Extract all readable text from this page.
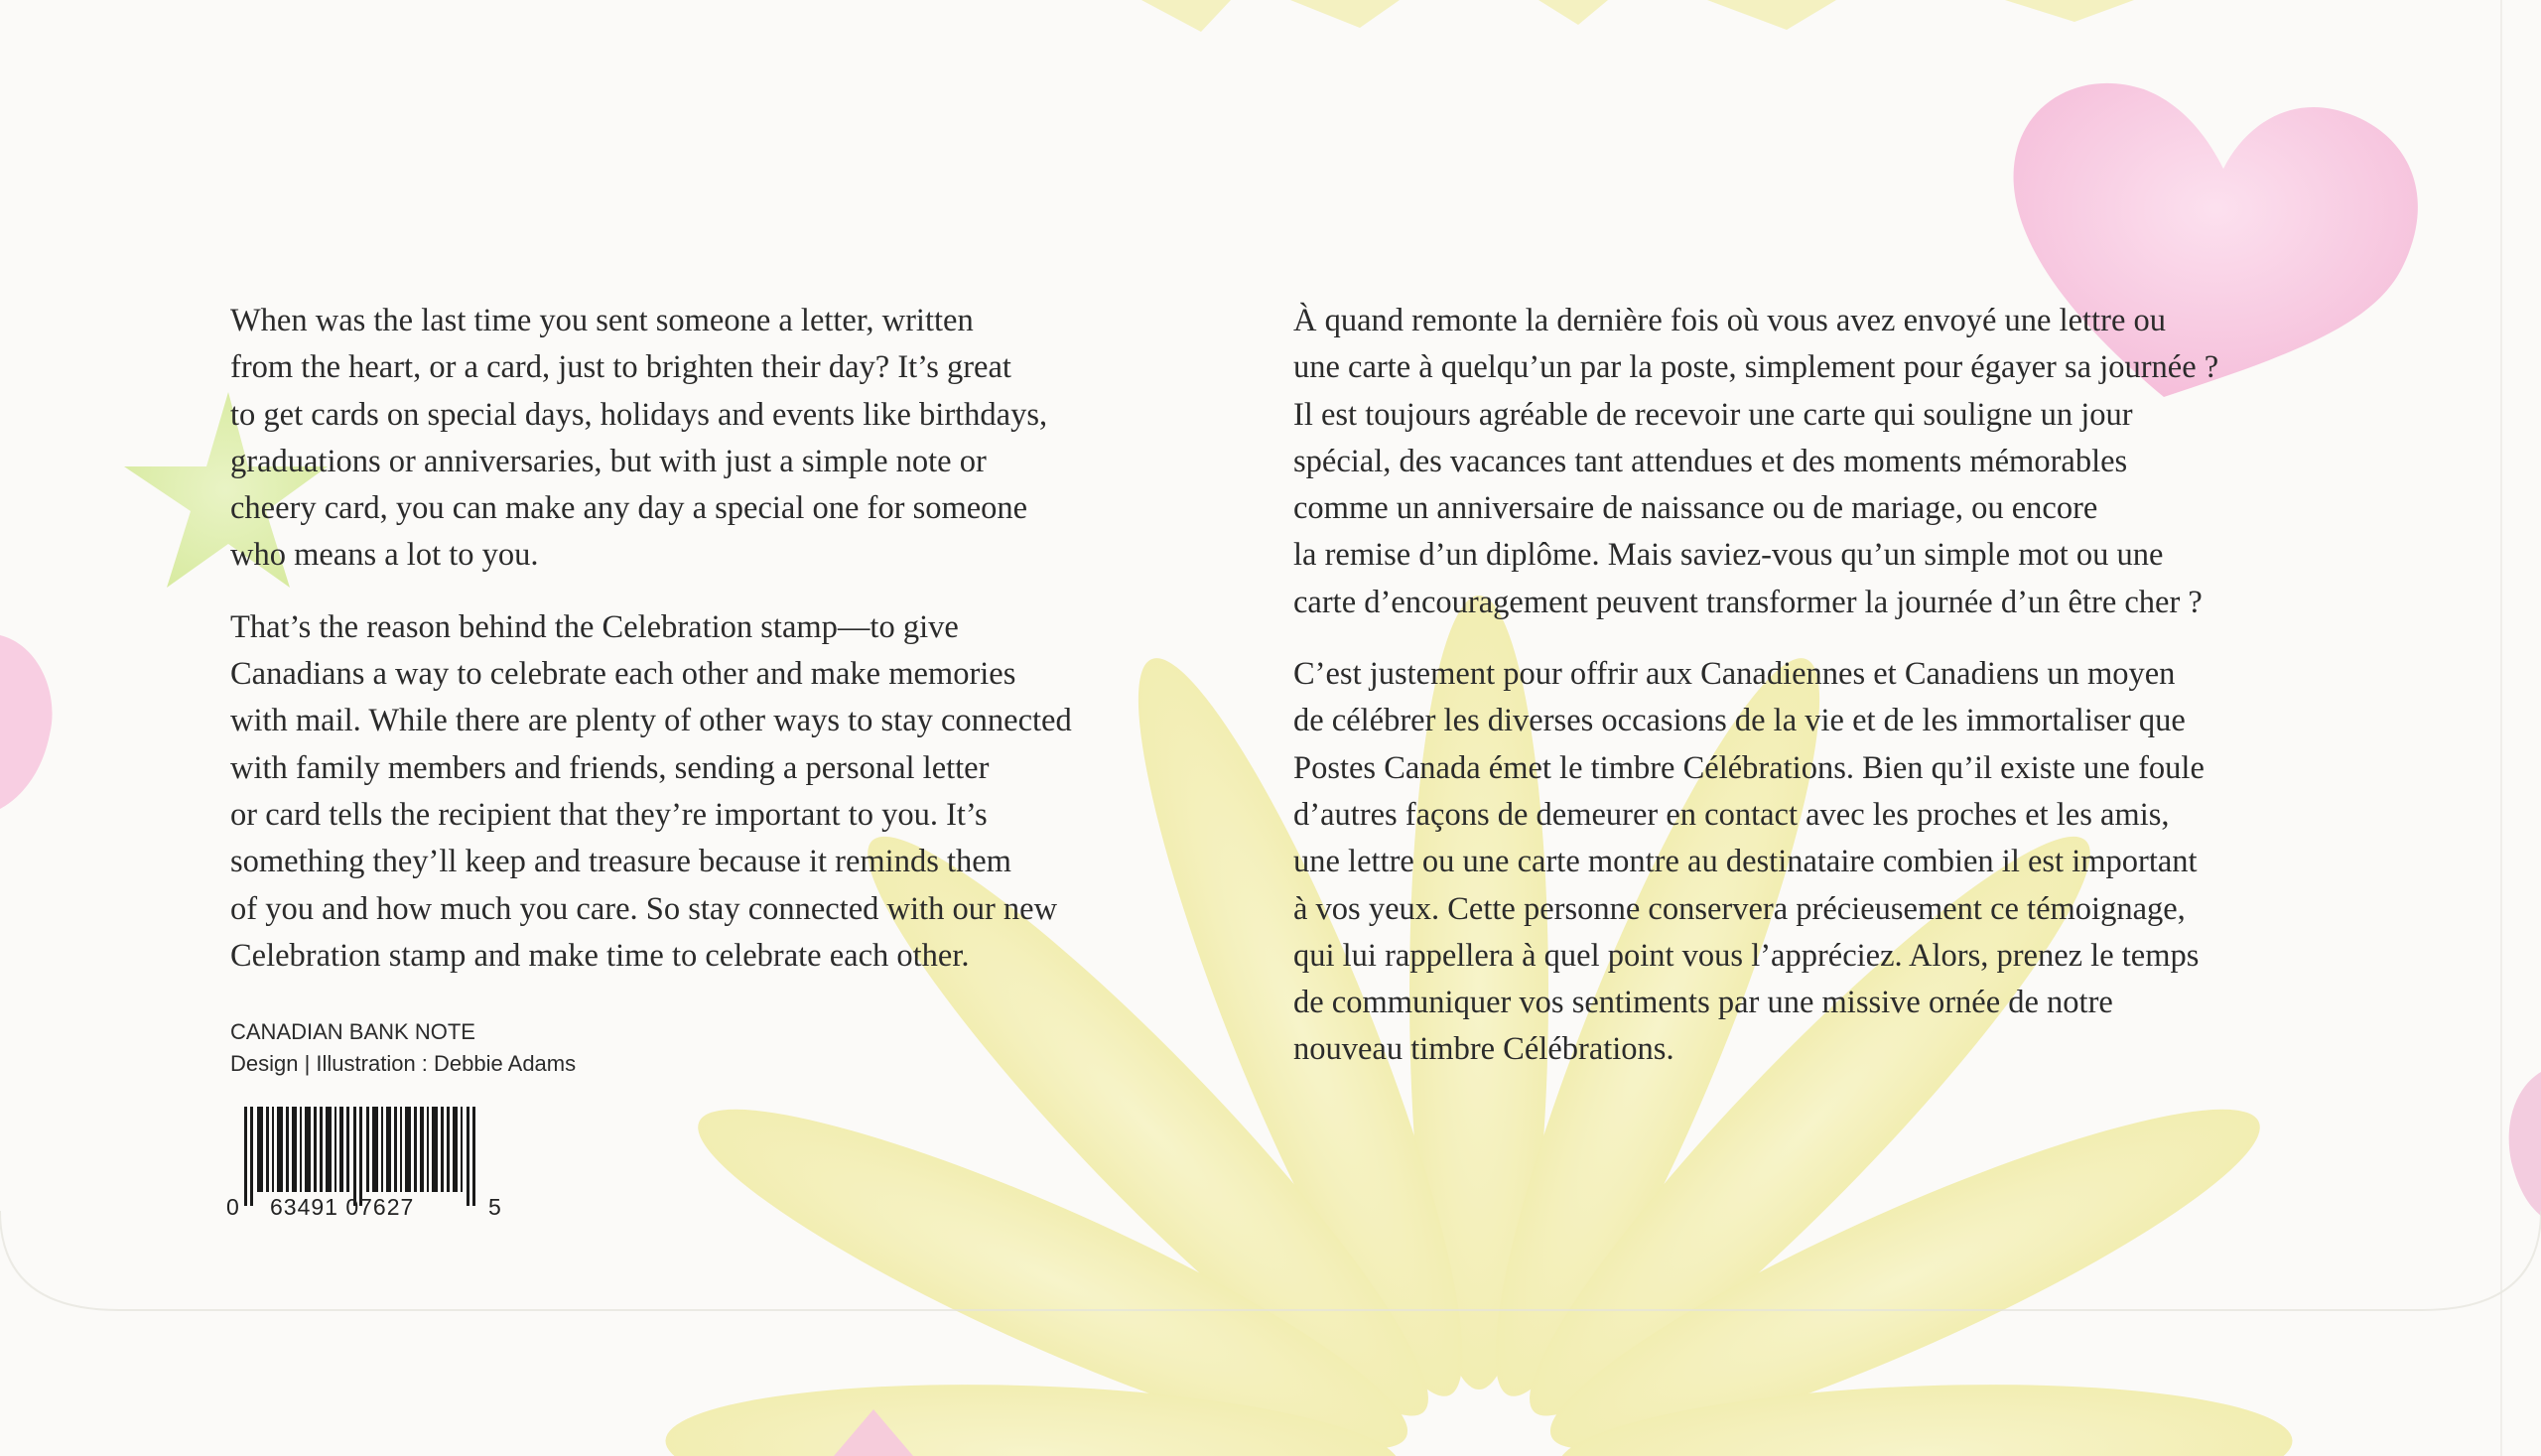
When was the last time you sent someone a letter, written
from the heart, or a card, just to brighten their day? It’s great
to get cards on special days, holidays and events like birthdays,
graduations or anniversaries, but with just a simple note or
cheery card, you can make any day a special one for someone
who means a lot to you.

That’s the reason behind the Celebration stamp—to give
Canadians a way to celebrate each other and make memories
with mail. While there are plenty of other ways to stay connected
with family members and friends, sending a personal letter
or card tells the recipient that they’re important to you. It’s
something they’ll keep and treasure because it reminds them
of you and how much you care. So stay connected with our new
Celebration stamp and make time to celebrate each other.

À quand remonte la dernière fois où vous avez envoyé une lettre ou
une carte à quelqu’un par la poste, simplement pour égayer sa journée ?
Il est toujours agréable de recevoir une carte qui souligne un jour
spécial, des vacances tant attendues et des moments mémorables
comme un anniversaire de naissance ou de mariage, ou encore
la remise d’un diplôme. Mais saviez-vous qu’un simple mot ou une
carte d’encouragement peuvent transformer la journée d’un être cher ?

C’est justement pour offrir aux Canadiennes et Canadiens un moyen
de célébrer les diverses occasions de la vie et de les immortaliser que
Postes Canada émet le timbre Célébrations. Bien qu’il existe une foule
d’autres façons de demeurer en contact avec les proches et les amis,
une lettre ou une carte montre au destinataire combien il est important
à vos yeux. Cette personne conservera précieusement ce témoignage,
qui lui rappellera à quel point vous l’appréciez. Alors, prenez le temps
de communiquer vos sentiments par une missive ornée de notre
nouveau timbre Célébrations.

CANADIAN BANK NOTE
Design | Illustration : Debbie Adams
0 63491 07627	5
